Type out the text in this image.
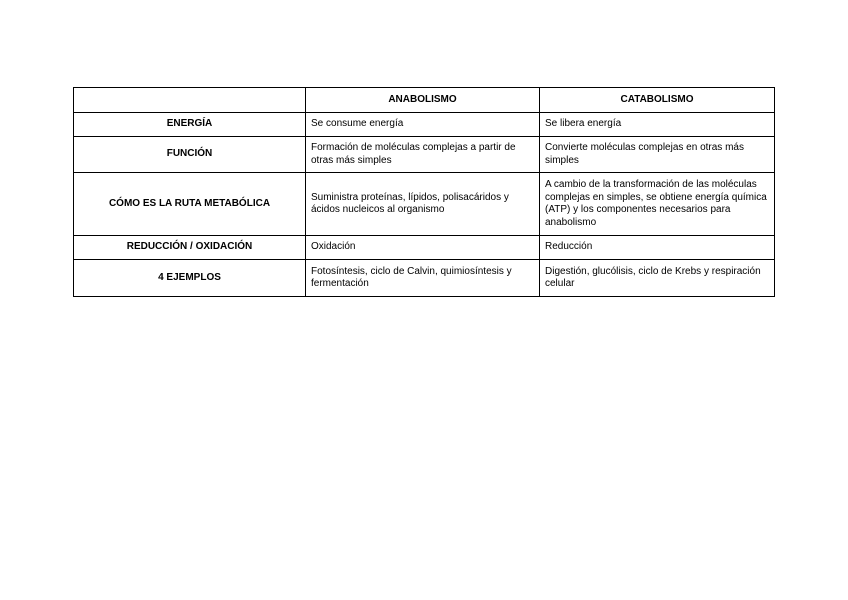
	ANABOLISMO	CATABOLISMO
ENERGÍA	Se consume energía	Se libera energía
FUNCIÓN	Formación de moléculas complejas a partir de otras más simples	Convierte moléculas complejas en otras más simples
CÓMO ES LA RUTA METABÓLICA	Suministra proteínas, lípidos, polisacáridos y ácidos nucleicos al organismo	A cambio de la transformación de las moléculas complejas en simples, se obtiene energía química (ATP) y los componentes necesarios para anabolismo
REDUCCIÓN / OXIDACIÓN	Oxidación	Reducción
4 EJEMPLOS	Fotosíntesis, ciclo de Calvin, quimiosíntesis y fermentación	Digestión, glucólisis, ciclo de Krebs y respiración celular
